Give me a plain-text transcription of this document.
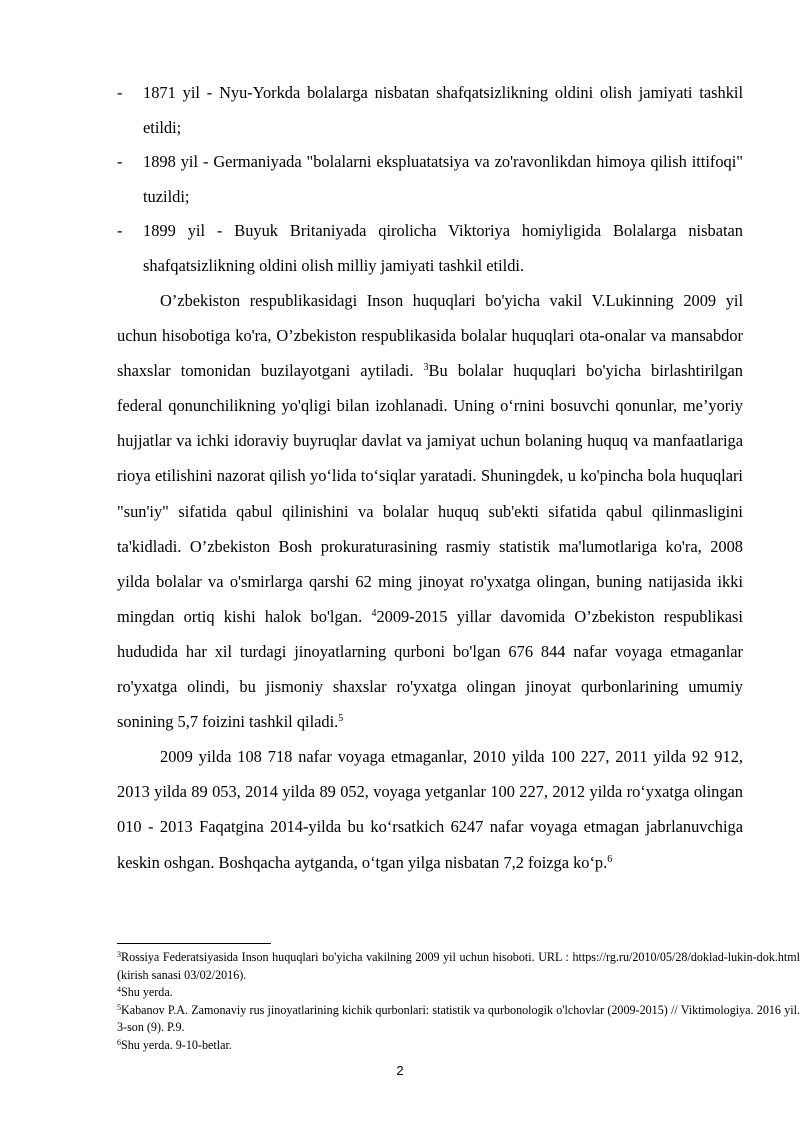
-	1871 yil - Nyu-Yorkda bolalarga nisbatan shafqatsizlikning oldini olish jamiyati tashkil etildi;
-	1898 yil - Germaniyada "bolalarni ekspluatatsiya va zo'ravonlikdan himoya qilish ittifoqi" tuzildi;
-	1899 yil - Buyuk Britaniyada qirolicha Viktoriya homiyligida Bolalarga nisbatan shafqatsizlikning oldini olish milliy jamiyati tashkil etildi.

O’zbekiston respublikasidagi Inson huquqlari bo'yicha vakil V.Lukinning 2009 yil uchun hisobotiga ko'ra, O’zbekiston respublikasida bolalar huquqlari ota-onalar va mansabdor shaxslar tomonidan buzilayotgani aytiladi. $^3$Bu bolalar huquqlari bo'yicha birlashtirilgan federal qonunchilikning yo'qligi bilan izohlanadi. Uning o‘rnini bosuvchi qonunlar, me’yoriy hujjatlar va ichki idoraviy buyruqlar davlat va jamiyat uchun bolaning huquq va manfaatlariga rioya etilishini nazorat qilish yo‘lida to‘siqlar yaratadi. Shuningdek, u ko'pincha bola huquqlari "sun'iy" sifatida qabul qilinishini va bolalar huquq sub'ekti sifatida qabul qilinmasligini ta'kidladi. O’zbekiston Bosh prokuraturasining rasmiy statistik ma'lumotlariga ko'ra, 2008 yilda bolalar va o'smirlarga qarshi 62 ming jinoyat ro'yxatga olingan, buning natijasida ikki mingdan ortiq kishi halok bo'lgan. $^4$2009-2015 yillar davomida O’zbekiston respublikasi hududida har xil turdagi jinoyatlarning qurboni bo'lgan 676 844 nafar voyaga etmaganlar ro'yxatga olindi, bu jismoniy shaxslar ro'yxatga olingan jinoyat qurbonlarining umumiy sonining 5,7 foizini tashkil qiladi.$^5$

2009 yilda 108 718 nafar voyaga etmaganlar, 2010 yilda 100 227, 2011 yilda 92 912, 2013 yilda 89 053, 2014 yilda 89 052, voyaga yetganlar 100 227, 2012 yilda ro‘yxatga olingan 010 - 2013 Faqatgina 2014-yilda bu ko‘rsatkich 6247 nafar voyaga etmagan jabrlanuvchiga keskin oshgan. Boshqacha aytganda, o‘tgan yilga nisbatan 7,2 foizga ko‘p.$^6$

$^3$Rossiya Federatsiyasida Inson huquqlari bo'yicha vakilning 2009 yil uchun hisoboti. URL : https://rg.ru/2010/05/28/doklad-lukin-dok.html (kirish sanasi 03/02/2016).
$^4$Shu yerda.
$^5$Kabanov P.A. Zamonaviy rus jinoyatlarining kichik qurbonlari: statistik va qurbonologik o'lchovlar (2009-2015) // Viktimologiya. 2016 yil. 3-son (9). P.9.
$^6$Shu yerda. 9-10-betlar.
2
